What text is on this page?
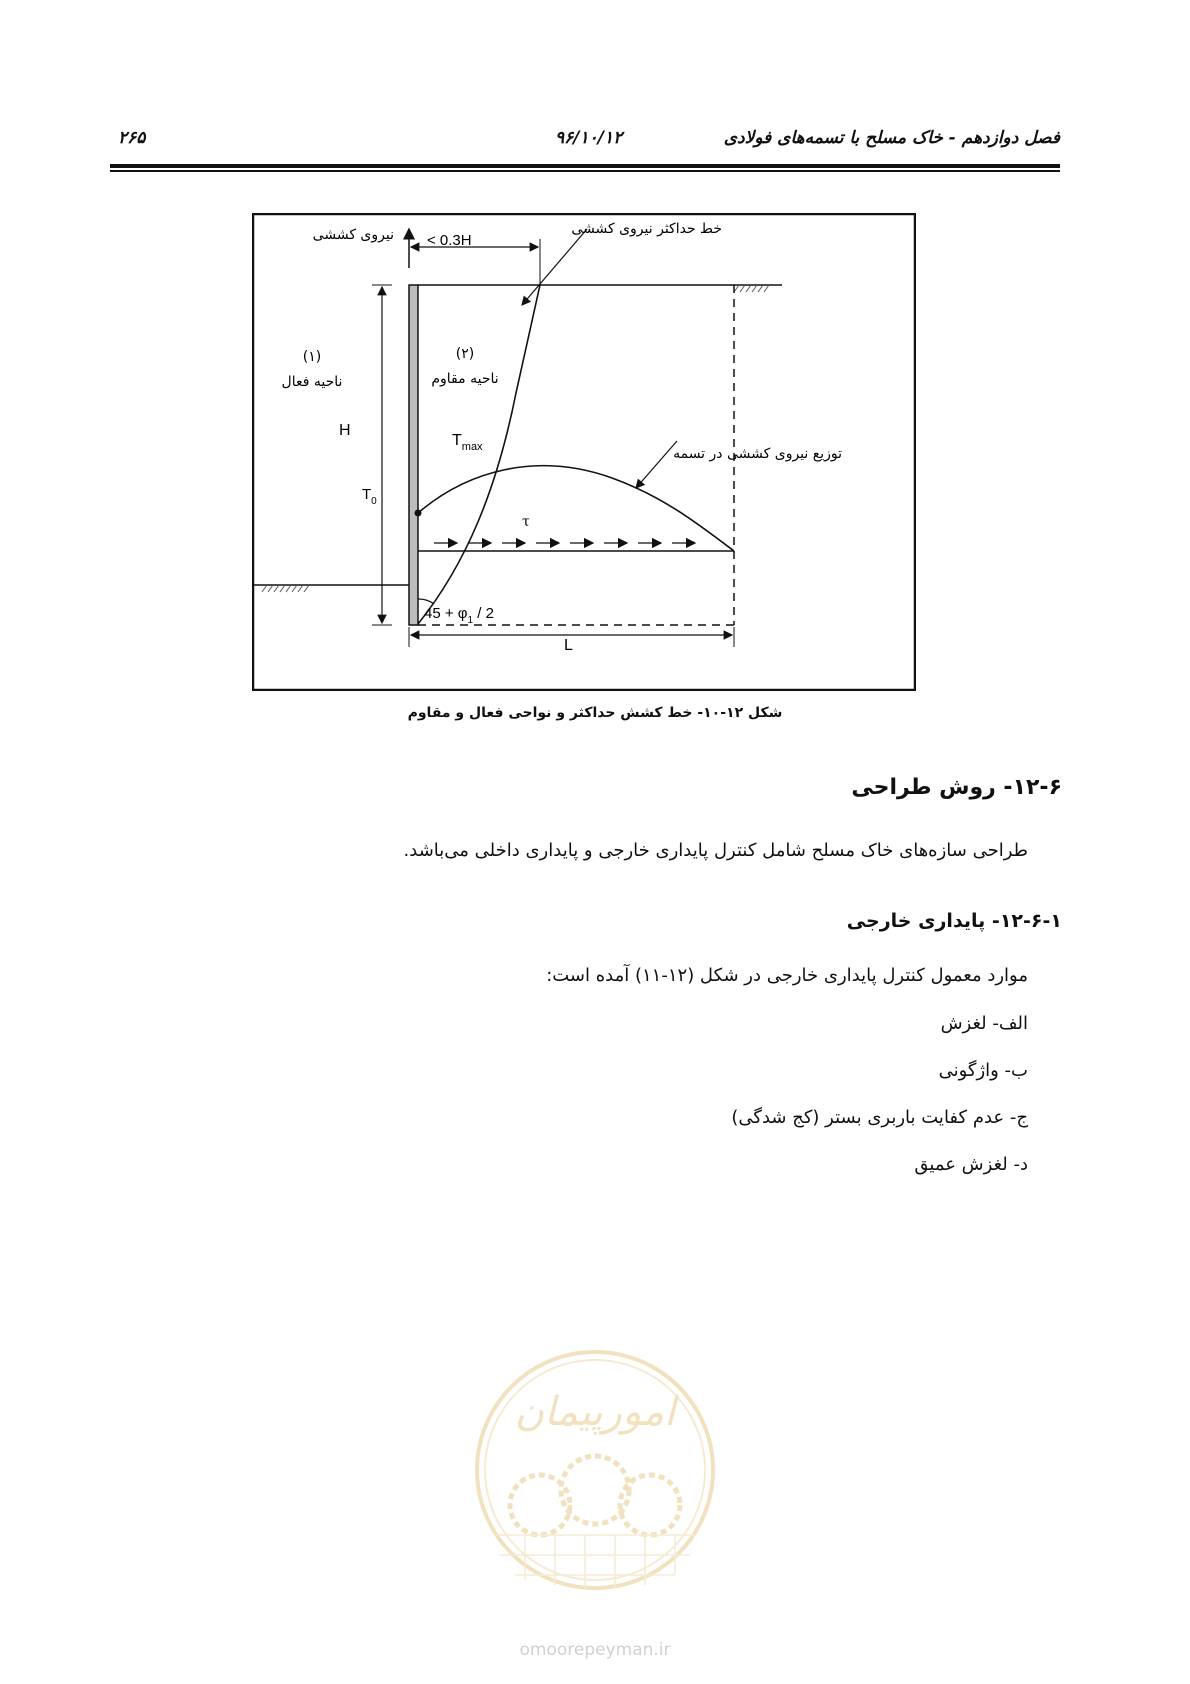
فصل دوازدهم - خاک مسلح با تسمه‌های فولادی
۹۶/۱۰/۱۲
۲۶۵
نیروی کششی	خط حداکثر نیروی کششی
< 0.3H
(۱)
ناحیه فعال
(۲)
ناحیه مقاوم
H
$T_{max}$
$T_0$
τ
توزیع نیروی کششی در تسمه
$45 + \varphi_1 / 2$
L
شکل ۱۲-۱۰- خط کشش حداکثر و نواحی فعال و مقاوم
۱۲-۶- روش طراحی
طراحی سازه‌های خاک مسلح شامل کنترل پایداری خارجی و پایداری داخلی می‌باشد.
۱۲-۶-۱- پایداری خارجی
موارد معمول کنترل پایداری خارجی در شکل (۱۲-۱۱) آمده است:
الف- لغزش
ب- واژگونی
ج- عدم کفایت باربری بستر (کج شدگی)
د- لغزش عمیق
امورپیمان
omoorepeyman.ir
